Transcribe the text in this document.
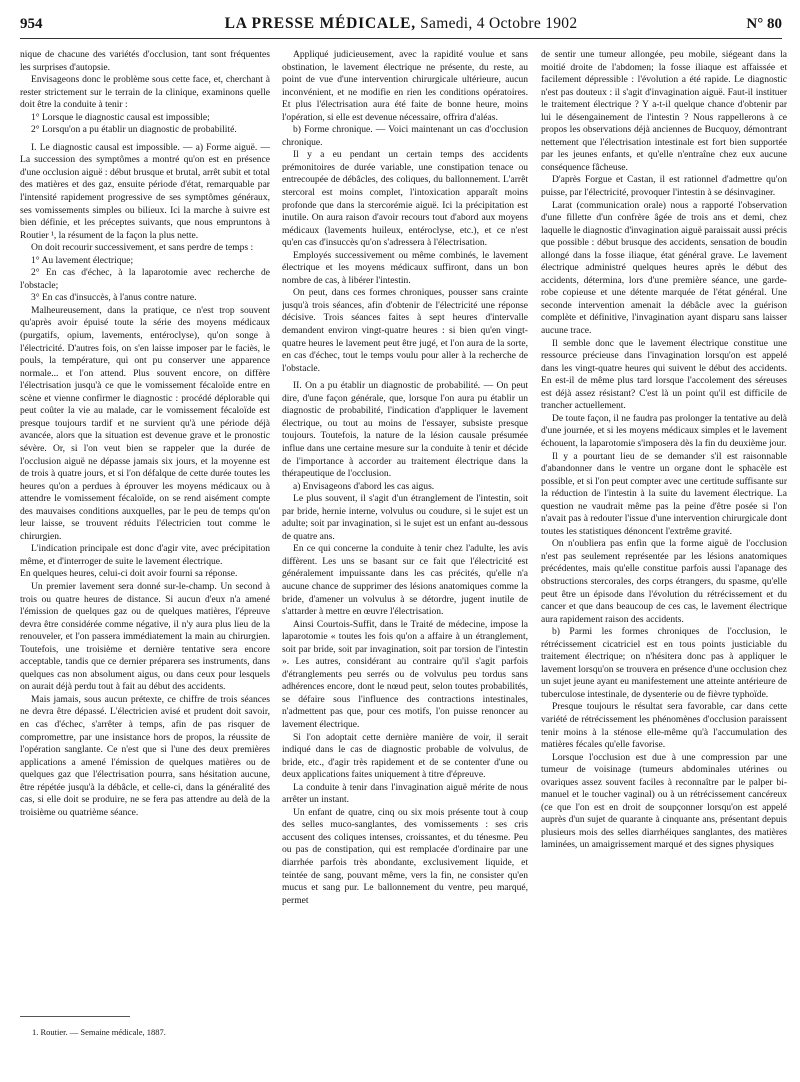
954	LA PRESSE MÉDICALE, Samedi, 4 Octobre 1902	N° 80

nique de chacune des variétés d'occlusion, tant sont fréquentes les surprises d'autopsie.

Envisageons donc le problème sous cette face, et, cherchant à rester strictement sur le terrain de la clinique, examinons quelle doit être la conduite à tenir :

1° Lorsque le diagnostic causal est impossible;

2° Lorsqu'on a pu établir un diagnostic de probabilité.

I. Le diagnostic causal est impossible. — a) Forme aiguë. — La succession des symptômes a montré qu'on est en présence d'une occlusion aiguë : début brusque et brutal, arrêt subit et total des matières et des gaz, ensuite période d'état, remarquable par l'intensité rapidement progressive de ses symptômes généraux, ses vomissements simples ou bilieux. Ici la marche à suivre est bien définie, et les préceptes suivants, que nous empruntons à Routier ¹, la résument de la façon la plus nette.

On doit recourir successivement, et sans perdre de temps :

1° Au lavement électrique;

2° En cas d'échec, à la laparotomie avec recherche de l'obstacle;

3° En cas d'insuccès, à l'anus contre nature.

Malheureusement, dans la pratique, ce n'est trop souvent qu'après avoir épuisé toute la série des moyens médicaux (purgatifs, opium, lavements, entéroclyse), qu'on songe à l'électricité. D'autres fois, on s'en laisse imposer par le faciès, le pouls, la température, qui ont pu conserver une apparence normale... et l'on attend. Plus souvent encore, on diffère l'électrisation jusqu'à ce que le vomissement fécaloïde entre en scène et vienne confirmer le diagnostic : procédé déplorable qui peut coûter la vie au malade, car le vomissement fécaloïde est presque toujours tardif et ne survient qu'à une période déjà avancée, alors que la situation est devenue grave et le pronostic sévère. Or, si l'on veut bien se rappeler que la durée de l'occlusion aiguë ne dépasse jamais six jours, et la moyenne est de trois à quatre jours, et si l'on défalque de cette durée toutes les heures qu'on a perdues à éprouver les moyens médicaux ou à attendre le vomissement fécaloïde, on se rend aisément compte des mauvaises conditions auxquelles, par le peu de temps qu'on leur laisse, se trouvent réduits l'électricien tout comme le chirurgien.

L'indication principale est donc d'agir vite, avec précipitation même, et d'interroger de suite le lavement électrique.

En quelques heures, celui-ci doit avoir fourni sa réponse.

Un premier lavement sera donné sur-le-champ. Un second à trois ou quatre heures de distance. Si aucun d'eux n'a amené l'émission de quelques gaz ou de quelques matières, l'épreuve devra être considérée comme négative, il n'y aura plus lieu de la renouveler, et l'on passera immédiatement la main au chirurgien. Toutefois, une troisième et dernière tentative sera encore acceptable, tandis que ce dernier préparera ses instruments, dans quelques cas non absolument aigus, ou dans ceux pour lesquels on aurait déjà perdu tout à fait au début des accidents.

Mais jamais, sous aucun prétexte, ce chiffre de trois séances ne devra être dépassé. L'électricien avisé et prudent doit savoir, en cas d'échec, s'arrêter à temps, afin de pas risquer de compromettre, par une insistance hors de propos, la réussite de l'opération sanglante. Ce n'est que si l'une des deux premières applications a amené l'émission de quelques matières ou de quelques gaz que l'électrisation pourra, sans hésitation aucune, être répétée jusqu'à la débâcle, et celle-ci, dans la généralité des cas, si elle doit se produire, ne se fera pas attendre au delà de la troisième ou quatrième séance.

Appliqué judicieusement, avec la rapidité voulue et sans obstination, le lavement électrique ne présente, du reste, au point de vue d'une intervention chirurgicale ultérieure, aucun inconvénient, et ne modifie en rien les conditions opératoires. Et plus l'électrisation aura été faite de bonne heure, moins l'opération, si elle est devenue nécessaire, offrira d'aléas.

b) Forme chronique. — Voici maintenant un cas d'occlusion chronique.

Il y a eu pendant un certain temps des accidents prémonitoires de durée variable, une constipation tenace ou entrecoupée de débâcles, des coliques, du ballonnement. L'arrêt stercoral est moins complet, l'intoxication apparaît moins profonde que dans la stercorémie aiguë. Ici la précipitation est inutile. On aura raison d'avoir recours tout d'abord aux moyens médicaux (lavements huileux, entéroclyse, etc.), et ce n'est qu'en cas d'insuccès qu'on s'adressera à l'électrisation.

Employés successivement ou même combinés, le lavement électrique et les moyens médicaux suffiront, dans un bon nombre de cas, à libérer l'intestin.

On peut, dans ces formes chroniques, pousser sans crainte jusqu'à trois séances, afin d'obtenir de l'électricité une réponse décisive. Trois séances faites à sept heures d'intervalle demandent environ vingt-quatre heures : si bien qu'en vingt-quatre heures le lavement peut être jugé, et l'on aura de la sorte, en cas d'échec, tout le temps voulu pour aller à la recherche de l'obstacle.

II. On a pu établir un diagnostic de probabilité. — On peut dire, d'une façon générale, que, lorsque l'on aura pu établir un diagnostic de probabilité, l'indication d'appliquer le lavement électrique, ou tout au moins de l'essayer, subsiste presque toujours. Toutefois, la nature de la lésion causale présumée influe dans une certaine mesure sur la conduite à tenir et décide de l'importance à accorder au traitement électrique dans la thérapeutique de l'occlusion.

a) Envisageons d'abord les cas aigus.

Le plus souvent, il s'agit d'un étranglement de l'intestin, soit par bride, hernie interne, volvulus ou coudure, si le sujet est un adulte; soit par invagination, si le sujet est un enfant au-dessous de quatre ans.

En ce qui concerne la conduite à tenir chez l'adulte, les avis diffèrent. Les uns se basant sur ce fait que l'électricité est généralement impuissante dans les cas précités, qu'elle n'a aucune chance de supprimer des lésions anatomiques comme la bride, d'amener un volvulus à se détordre, jugent inutile de s'attarder à mettre en œuvre l'électrisation.

Ainsi Courtois-Suffit, dans le Traité de médecine, impose la laparotomie « toutes les fois qu'on a affaire à un étranglement, soit par bride, soit par invagination, soit par torsion de l'intestin ». Les autres, considérant au contraire qu'il s'agit parfois d'étranglements peu serrés ou de volvulus peu tordus sans adhérences encore, dont le nœud peut, selon toutes probabilités, se défaire sous l'influence des contractions intestinales, n'admettent pas que, pour ces motifs, l'on puisse renoncer au lavement électrique.

Si l'on adoptait cette dernière manière de voir, il serait indiqué dans le cas de diagnostic probable de volvulus, de bride, etc., d'agir très rapidement et de se contenter d'une ou deux applications faites uniquement à titre d'épreuve.

La conduite à tenir dans l'invagination aiguë mérite de nous arrêter un instant.

Un enfant de quatre, cinq ou six mois présente tout à coup des selles muco-sanglantes, des vomissements : ses cris accusent des coliques intenses, croissantes, et du ténesme. Peu ou pas de constipation, qui est remplacée d'ordinaire par une diarrhée parfois très abondante, exclusivement liquide, et teintée de sang, pouvant même, vers la fin, ne consister qu'en mucus et sang pur. Le ballonnement du ventre, peu marqué, permet

de sentir une tumeur allongée, peu mobile, siégeant dans la moitié droite de l'abdomen; la fosse iliaque est affaissée et facilement dépressible : l'évolution a été rapide. Le diagnostic n'est pas douteux : il s'agit d'invagination aiguë. Faut-il instituer le traitement électrique ? Y a-t-il quelque chance d'obtenir par lui le désengainement de l'intestin ? Nous rappellerons à ce propos les observations déjà anciennes de Bucquoy, démontrant nettement que l'électrisation intestinale est fort bien supportée par les jeunes enfants, et qu'elle n'entraîne chez eux aucune conséquence fâcheuse.

D'après Forgue et Castan, il est rationnel d'admettre qu'on puisse, par l'électricité, provoquer l'intestin à se désinvaginer.

Larat (communication orale) nous a rapporté l'observation d'une fillette d'un confrère âgée de trois ans et demi, chez laquelle le diagnostic d'invagination aiguë paraissait aussi précis que possible : début brusque des accidents, sensation de boudin allongé dans la fosse iliaque, état général grave. Le lavement électrique administré quelques heures après le début des accidents, détermina, lors d'une première séance, une garde-robe copieuse et une détente marquée de l'état général. Une seconde intervention amenait la débâcle avec la guérison complète et définitive, l'invagination ayant disparu sans laisser aucune trace.

Il semble donc que le lavement électrique constitue une ressource précieuse dans l'invagination lorsqu'on est appelé dans les vingt-quatre heures qui suivent le début des accidents. En est-il de même plus tard lorsque l'accolement des séreuses est déjà assez résistant? C'est là un point qu'il est difficile de trancher actuellement.

De toute façon, il ne faudra pas prolonger la tentative au delà d'une journée, et si les moyens médicaux simples et le lavement échouent, la laparotomie s'imposera dès la fin du deuxième jour.

Il y a pourtant lieu de se demander s'il est raisonnable d'abandonner dans le ventre un organe dont le sphacèle est possible, et si l'on peut compter avec une certitude suffisante sur la réduction de l'intestin à la suite du lavement électrique. La question ne vaudrait même pas la peine d'être posée si l'on n'avait pas à redouter l'issue d'une intervention chirurgicale dont toutes les statistiques dénoncent l'extrême gravité.

On n'oubliera pas enfin que la forme aiguë de l'occlusion n'est pas seulement représentée par les lésions anatomiques précédentes, mais qu'elle constitue parfois aussi l'apanage des obstructions stercorales, des corps étrangers, du spasme, qu'elle peut être un épisode dans l'évolution du rétrécissement et du cancer et que dans beaucoup de ces cas, le lavement électrique aura rapidement raison des accidents.

b) Parmi les formes chroniques de l'occlusion, le rétrécissement cicatriciel est en tous points justiciable du traitement électrique; on n'hésitera donc pas à appliquer le lavement lorsqu'on se trouvera en présence d'une occlusion chez un sujet jeune ayant eu manifestement une atteinte antérieure de tuberculose intestinale, de dysenterie ou de fièvre typhoïde.

Presque toujours le résultat sera favorable, car dans cette variété de rétrécissement les phénomènes d'occlusion paraissent tenir moins à la sténose elle-même qu'à l'accumulation des matières fécales qu'elle favorise.

Lorsque l'occlusion est due à une compression par une tumeur de voisinage (tumeurs abdominales utérines ou ovariques assez souvent faciles à reconnaître par le palper bi-manuel et le toucher vaginal) ou à un rétrécissement cancéreux (ce que l'on est en droit de soupçonner lorsqu'on est appelé auprès d'un sujet de quarante à cinquante ans, présentant depuis plusieurs mois des selles diarrhéiques sanglantes, des matières laminées, un amaigrissement marqué et des signes physiques

1. Routier. — Semaine médicale, 1887.
